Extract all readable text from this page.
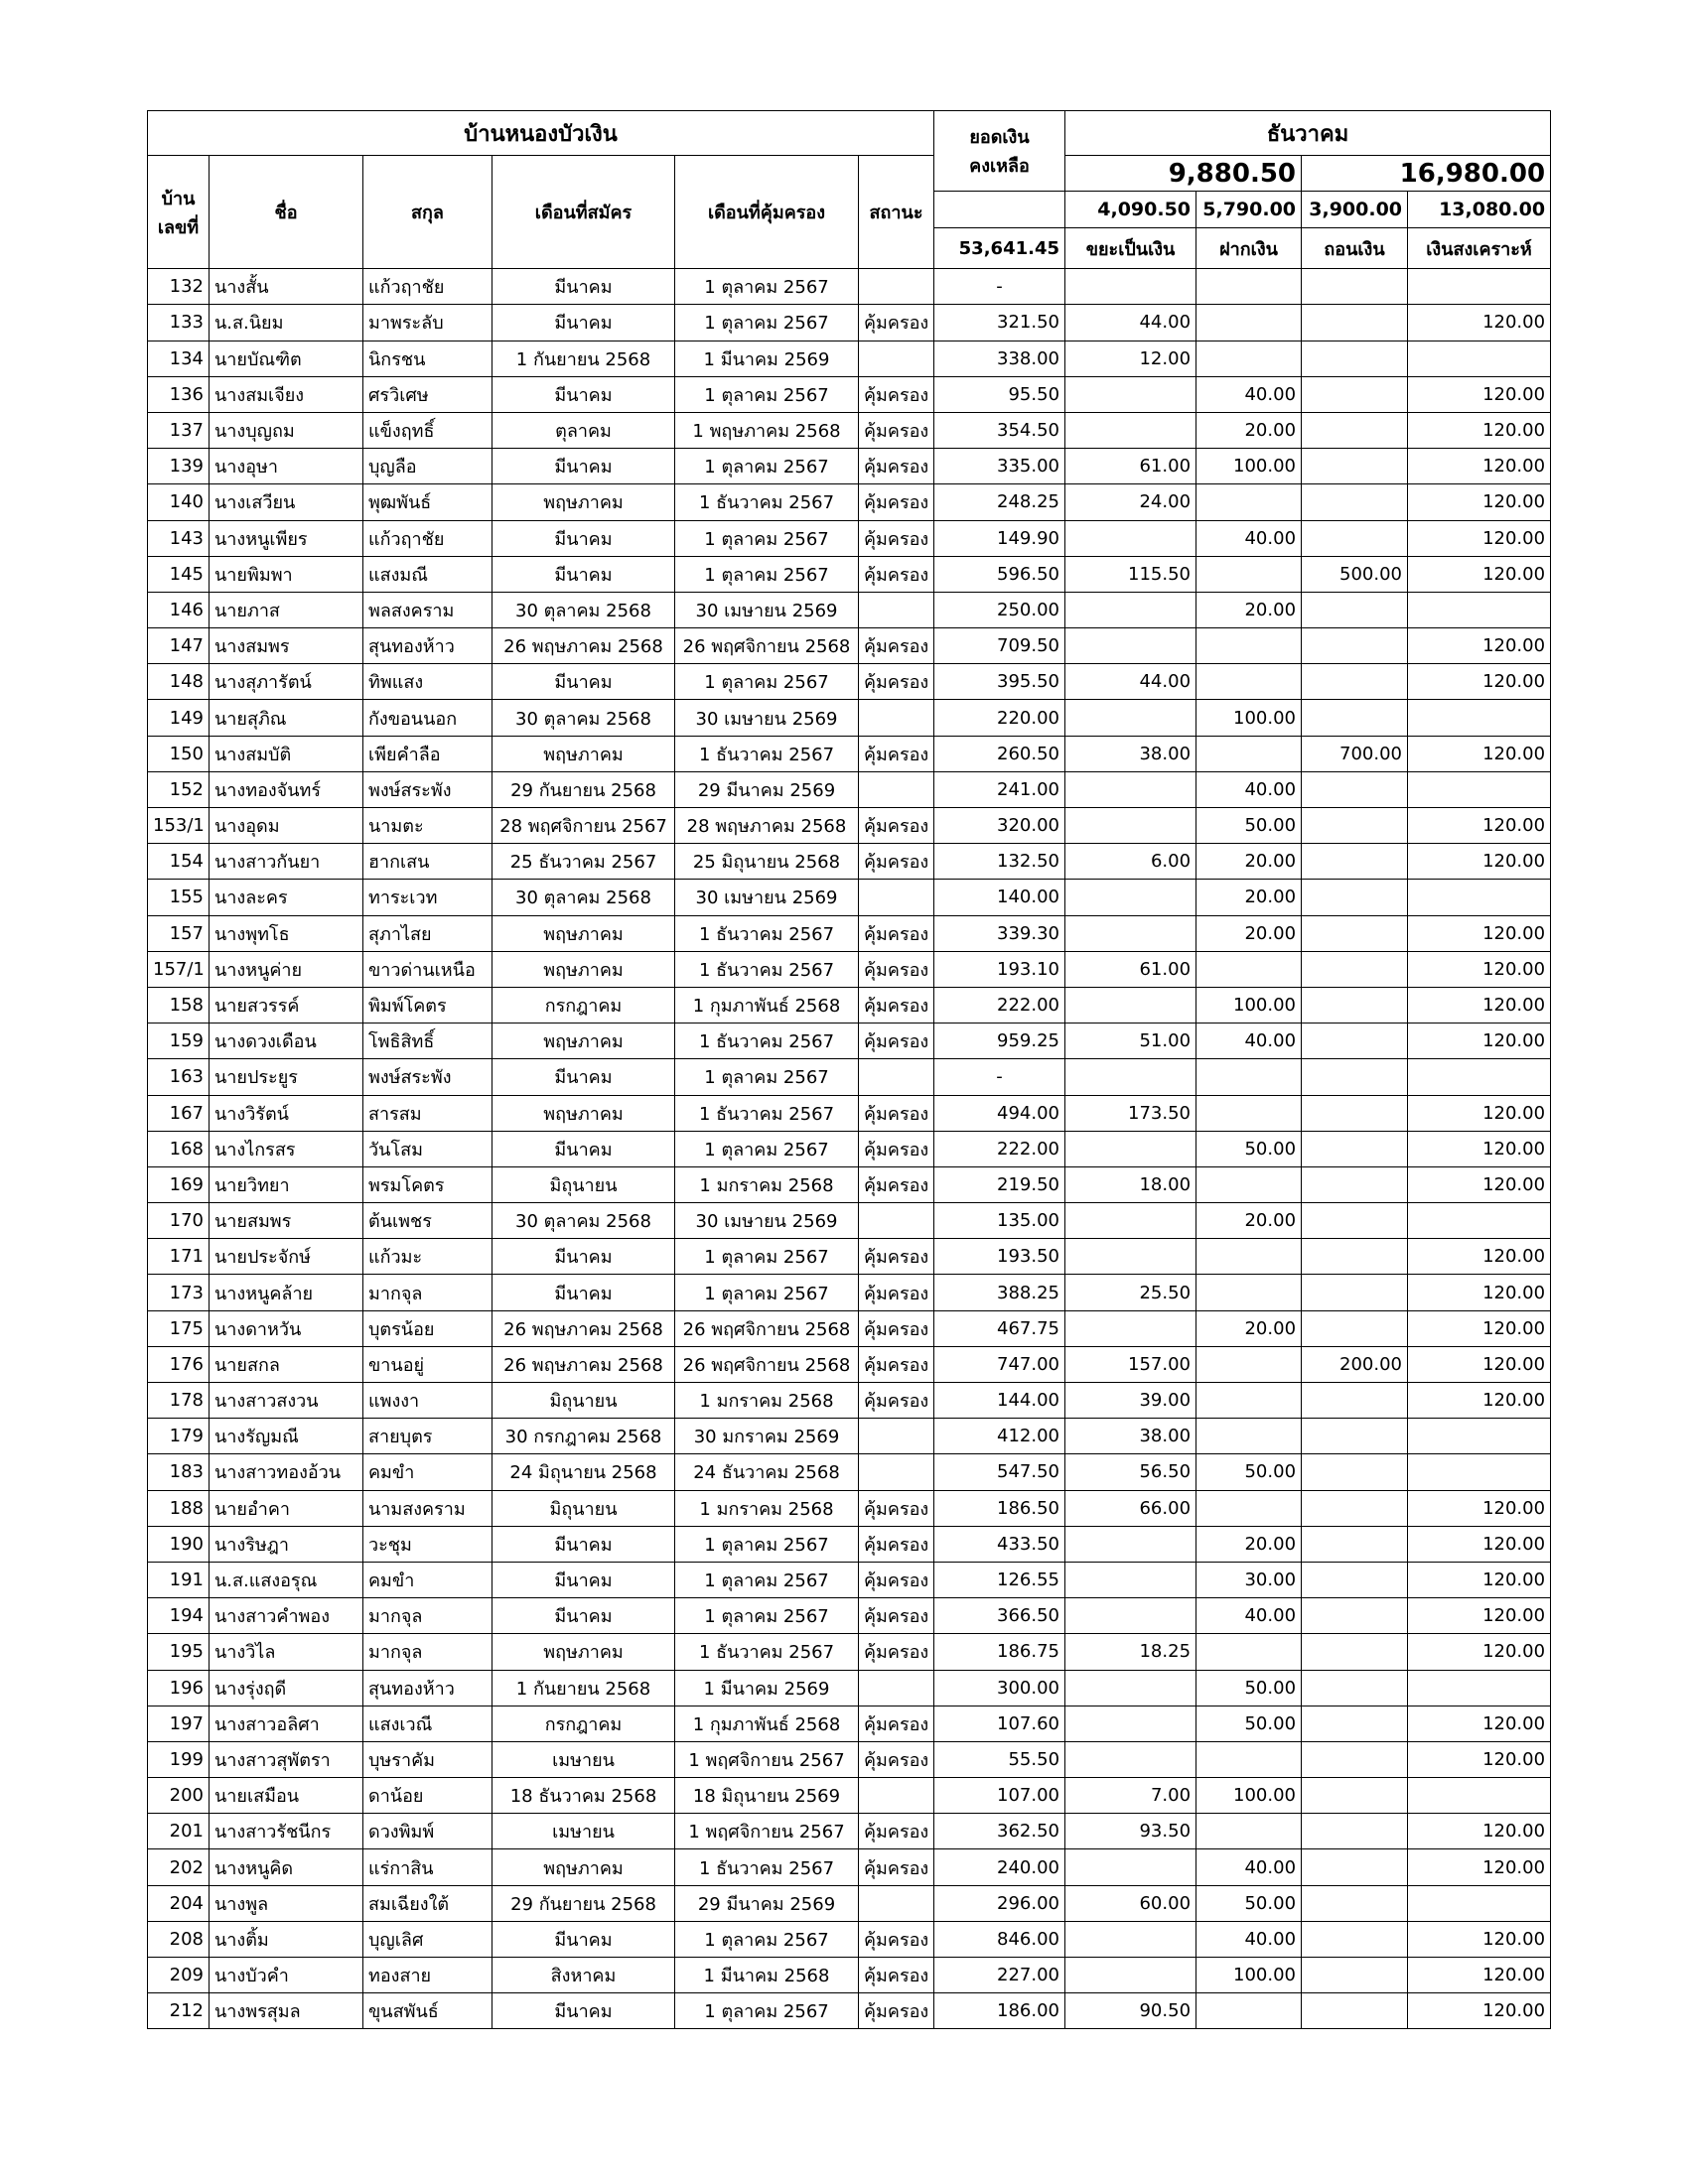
บ้านหนองบัวเงิน						ยอดเงิน
คงเหลือ	ธันวาคม			

บ้าน
เลขที่	ชื่อ	สกุล	เดือนที่สมัคร	เดือนที่คุ้มครอง	สถานะ		9,880.50		16,980.00	
							4,090.50	5,790.00	3,900.00	13,080.00
						53,641.45	ขยะเป็นเงิน	ฝากเงิน	ถอนเงิน	เงินสงเคราะห์
132	นางสั้น	แก้วฤาชัย	มีนาคม	1 ตุลาคม 2567		-				
133	น.ส.นิยม	มาพระลับ	มีนาคม	1 ตุลาคม 2567	คุ้มครอง	321.50	44.00			120.00
134	นายบัณฑิต	นิกรชน	1 กันยายน 2568	1 มีนาคม 2569		338.00	12.00			
136	นางสมเจียง	ศรวิเศษ	มีนาคม	1 ตุลาคม 2567	คุ้มครอง	95.50		40.00		120.00
137	นางบุญถม	แข็งฤทธิ์	ตุลาคม	1 พฤษภาคม 2568	คุ้มครอง	354.50		20.00		120.00
139	นางอุษา	บุญลือ	มีนาคม	1 ตุลาคม 2567	คุ้มครอง	335.00	61.00	100.00		120.00
140	นางเสวียน	พุฒพันธ์	พฤษภาคม	1 ธันวาคม 2567	คุ้มครอง	248.25	24.00			120.00
143	นางหนูเพียร	แก้วฤาชัย	มีนาคม	1 ตุลาคม 2567	คุ้มครอง	149.90		40.00		120.00
145	นายพิมพา	แสงมณี	มีนาคม	1 ตุลาคม 2567	คุ้มครอง	596.50	115.50		500.00	120.00
146	นายภาส	พลสงคราม	30 ตุลาคม 2568	30 เมษายน 2569		250.00		20.00		
147	นางสมพร	สุนทองห้าว	26 พฤษภาคม 2568	26 พฤศจิกายน 2568	คุ้มครอง	709.50				120.00
148	นางสุภารัตน์	ทิพแสง	มีนาคม	1 ตุลาคม 2567	คุ้มครอง	395.50	44.00			120.00
149	นายสุภิณ	กังขอนนอก	30 ตุลาคม 2568	30 เมษายน 2569		220.00		100.00		
150	นางสมบัติ	เพียคำลือ	พฤษภาคม	1 ธันวาคม 2567	คุ้มครอง	260.50	38.00		700.00	120.00
152	นางทองจันทร์	พงษ์สระพัง	29 กันยายน 2568	29 มีนาคม 2569		241.00		40.00		
153/1	นางอุดม	นามตะ	28 พฤศจิกายน 2567	28 พฤษภาคม 2568	คุ้มครอง	320.00		50.00		120.00
154	นางสาวกันยา	ฮากเสน	25 ธันวาคม 2567	25 มิถุนายน 2568	คุ้มครอง	132.50	6.00	20.00		120.00
155	นางละคร	ทาระเวท	30 ตุลาคม 2568	30 เมษายน 2569		140.00		20.00		
157	นางพุทโธ	สุภาไสย	พฤษภาคม	1 ธันวาคม 2567	คุ้มครอง	339.30		20.00		120.00
157/1	นางหนูค่าย	ขาวด่านเหนือ	พฤษภาคม	1 ธันวาคม 2567	คุ้มครอง	193.10	61.00			120.00
158	นายสวรรค์	พิมพ์โคตร	กรกฎาคม	1 กุมภาพันธ์ 2568	คุ้มครอง	222.00		100.00		120.00
159	นางดวงเดือน	โพธิสิทธิ์	พฤษภาคม	1 ธันวาคม 2567	คุ้มครอง	959.25	51.00	40.00		120.00
163	นายประยูร	พงษ์สระพัง	มีนาคม	1 ตุลาคม 2567		-				
167	นางวิรัตน์	สารสม	พฤษภาคม	1 ธันวาคม 2567	คุ้มครอง	494.00	173.50			120.00
168	นางไกรสร	วันโสม	มีนาคม	1 ตุลาคม 2567	คุ้มครอง	222.00		50.00		120.00
169	นายวิทยา	พรมโคตร	มิถุนายน	1 มกราคม 2568	คุ้มครอง	219.50	18.00			120.00
170	นายสมพร	ต้นเพชร	30 ตุลาคม 2568	30 เมษายน 2569		135.00		20.00		
171	นายประจักษ์	แก้วมะ	มีนาคม	1 ตุลาคม 2567	คุ้มครอง	193.50				120.00
173	นางหนูคล้าย	มากจุล	มีนาคม	1 ตุลาคม 2567	คุ้มครอง	388.25	25.50			120.00
175	นางดาหวัน	บุตรน้อย	26 พฤษภาคม 2568	26 พฤศจิกายน 2568	คุ้มครอง	467.75		20.00		120.00
176	นายสกล	ขานอยู่	26 พฤษภาคม 2568	26 พฤศจิกายน 2568	คุ้มครอง	747.00	157.00		200.00	120.00
178	นางสาวสงวน	แพงงา	มิถุนายน	1 มกราคม 2568	คุ้มครอง	144.00	39.00			120.00
179	นางรัญมณี	สายบุตร	30 กรกฎาคม 2568	30 มกราคม 2569		412.00	38.00			
183	นางสาวทองอ้วน	คมขำ	24 มิถุนายน 2568	24 ธันวาคม 2568		547.50	56.50	50.00		
188	นายอำคา	นามสงคราม	มิถุนายน	1 มกราคม 2568	คุ้มครอง	186.50	66.00			120.00
190	นางริษฎา	วะชุม	มีนาคม	1 ตุลาคม 2567	คุ้มครอง	433.50		20.00		120.00
191	น.ส.แสงอรุณ	คมขำ	มีนาคม	1 ตุลาคม 2567	คุ้มครอง	126.55		30.00		120.00
194	นางสาวคำพอง	มากจุล	มีนาคม	1 ตุลาคม 2567	คุ้มครอง	366.50		40.00		120.00
195	นางวิไล	มากจุล	พฤษภาคม	1 ธันวาคม 2567	คุ้มครอง	186.75	18.25			120.00
196	นางรุ่งฤดี	สุนทองห้าว	1 กันยายน 2568	1 มีนาคม 2569		300.00		50.00		
197	นางสาวอลิศา	แสงเวณี	กรกฎาคม	1 กุมภาพันธ์ 2568	คุ้มครอง	107.60		50.00		120.00
199	นางสาวสุพัตรา	บุษราคัม	เมษายน	1 พฤศจิกายน 2567	คุ้มครอง	55.50				120.00
200	นายเสมือน	ดาน้อย	18 ธันวาคม 2568	18 มิถุนายน 2569		107.00	7.00	100.00		
201	นางสาวรัชนีกร	ดวงพิมพ์	เมษายน	1 พฤศจิกายน 2567	คุ้มครอง	362.50	93.50			120.00
202	นางหนูคิด	แร่กาสิน	พฤษภาคม	1 ธันวาคม 2567	คุ้มครอง	240.00		40.00		120.00
204	นางพูล	สมเฉียงใต้	29 กันยายน 2568	29 มีนาคม 2569		296.00	60.00	50.00		
208	นางติ้ม	บุญเลิศ	มีนาคม	1 ตุลาคม 2567	คุ้มครอง	846.00		40.00		120.00
209	นางบัวคำ	ทองสาย	สิงหาคม	1 มีนาคม 2568	คุ้มครอง	227.00		100.00		120.00
212	นางพรสุมล	ขุนสพันธ์	มีนาคม	1 ตุลาคม 2567	คุ้มครอง	186.00	90.50			120.00
